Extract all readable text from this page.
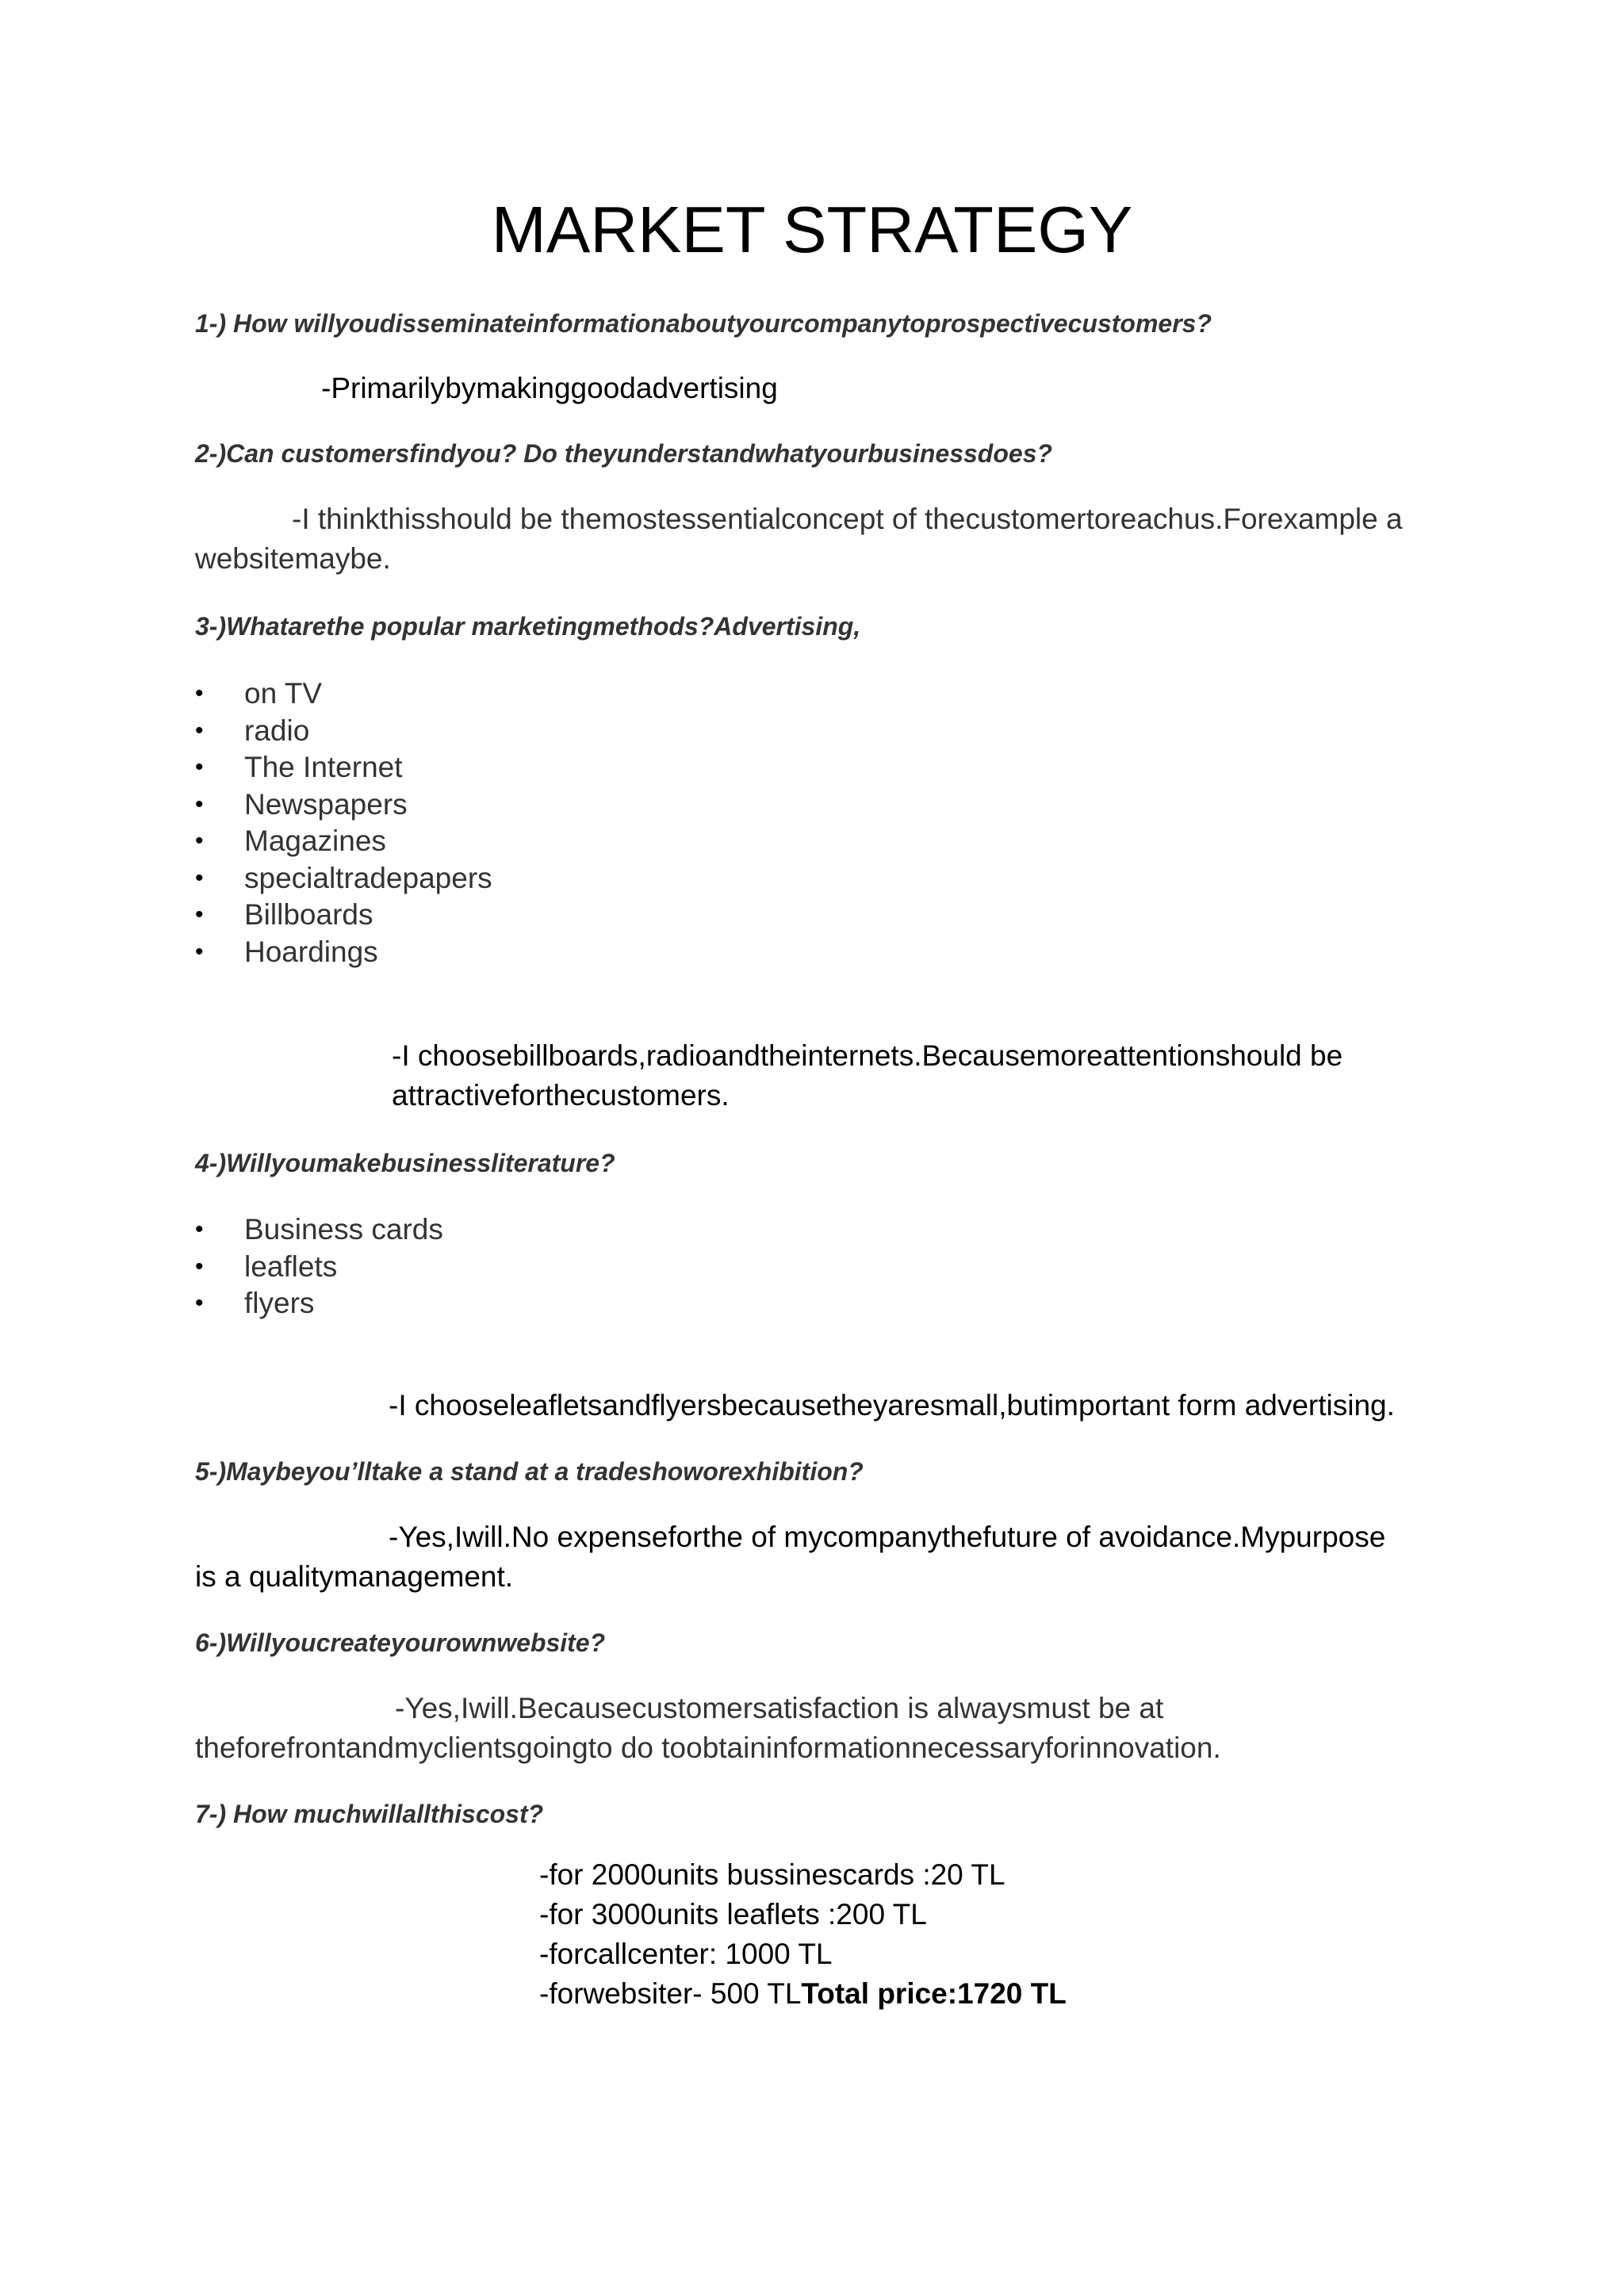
MARKET STRATEGY

1-) How willyoudisseminateinformationaboutyourcompanytoprospectivecustomers?

-Primarilybymakinggoodadvertising

2-)Can customersfindyou? Do theyunderstandwhatyourbusinessdoes?

-I thinkthisshould be themostessentialconcept of thecustomertoreachus.Forexample a

websitemaybe.

3-)Whatarethe popular marketingmethods?Advertising,

• on TV
• radio
• The Internet
• Newspapers
• Magazines
• specialtradepapers
• Billboards
• Hoardings

-I choosebillboards,radioandtheinternets.Becausemoreattentionshould be

attractiveforthecustomers.

4-)Willyoumakebusinessliterature?

• Business cards
• leaflets
• flyers

-I chooseleafletsandflyersbecausetheyaresmall,butimportant form advertising.

5-)Maybeyou’lltake a stand at a tradeshoworexhibition?

-Yes,Iwill.No expenseforthe of mycompanythefuture of avoidance.Mypurpose

is a qualitymanagement.

6-)Willyoucreateyourownwebsite?

-Yes,Iwill.Becausecustomersatisfaction is alwaysmust be at

theforefrontandmyclientsgoingto do toobtaininformationnecessaryforinnovation.

7-) How muchwillallthiscost?

-for 2000units bussinescards :20 TL
-for 3000units leaflets :200 TL
-forcallcenter: 1000 TL
-forwebsiter- 500 TLTotal price:1720 TL
